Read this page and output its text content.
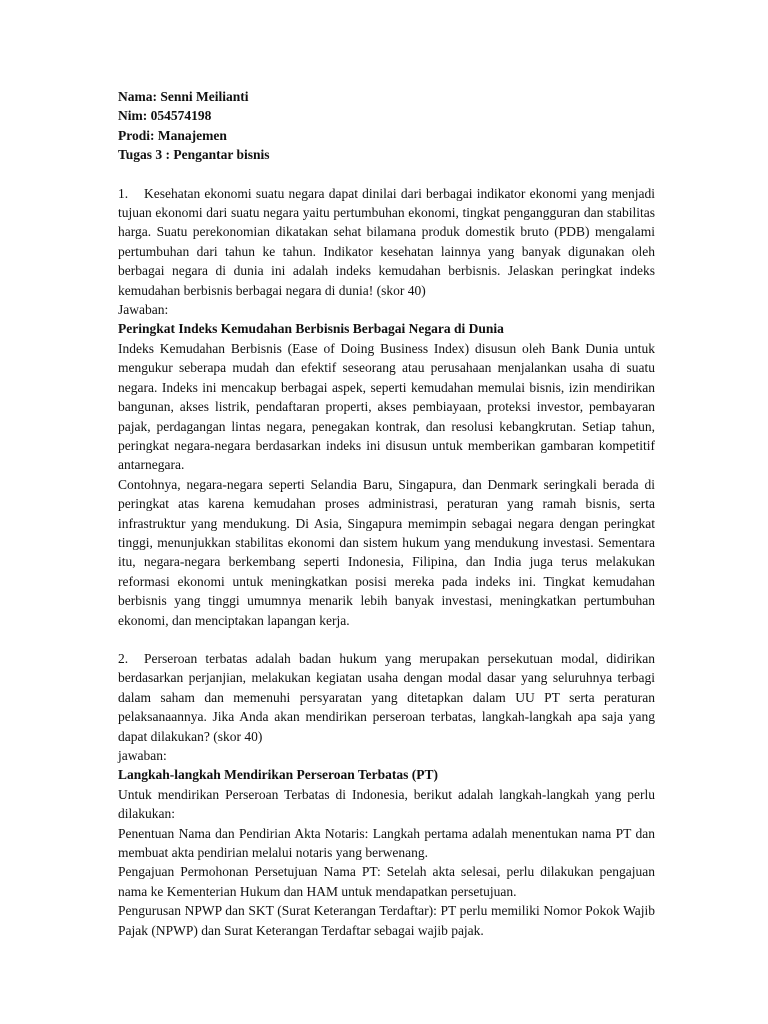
Nama: Senni Meilianti

Nim: 054574198

Prodi: Manajemen

Tugas 3 : Pengantar bisnis

1. Kesehatan ekonomi suatu negara dapat dinilai dari berbagai indikator ekonomi yang menjadi tujuan ekonomi dari suatu negara yaitu pertumbuhan ekonomi, tingkat pengangguran dan stabilitas harga. Suatu perekonomian dikatakan sehat bilamana produk domestik bruto (PDB) mengalami pertumbuhan dari tahun ke tahun. Indikator kesehatan lainnya yang banyak digunakan oleh berbagai negara di dunia ini adalah indeks kemudahan berbisnis. Jelaskan peringkat indeks kemudahan berbisnis berbagai negara di dunia! (skor 40)

Jawaban:

Peringkat Indeks Kemudahan Berbisnis Berbagai Negara di Dunia

Indeks Kemudahan Berbisnis (Ease of Doing Business Index) disusun oleh Bank Dunia untuk mengukur seberapa mudah dan efektif seseorang atau perusahaan menjalankan usaha di suatu negara. Indeks ini mencakup berbagai aspek, seperti kemudahan memulai bisnis, izin mendirikan bangunan, akses listrik, pendaftaran properti, akses pembiayaan, proteksi investor, pembayaran pajak, perdagangan lintas negara, penegakan kontrak, dan resolusi kebangkrutan. Setiap tahun, peringkat negara-negara berdasarkan indeks ini disusun untuk memberikan gambaran kompetitif antarnegara.

Contohnya, negara-negara seperti Selandia Baru, Singapura, dan Denmark seringkali berada di peringkat atas karena kemudahan proses administrasi, peraturan yang ramah bisnis, serta infrastruktur yang mendukung. Di Asia, Singapura memimpin sebagai negara dengan peringkat tinggi, menunjukkan stabilitas ekonomi dan sistem hukum yang mendukung investasi. Sementara itu, negara-negara berkembang seperti Indonesia, Filipina, dan India juga terus melakukan reformasi ekonomi untuk meningkatkan posisi mereka pada indeks ini. Tingkat kemudahan berbisnis yang tinggi umumnya menarik lebih banyak investasi, meningkatkan pertumbuhan ekonomi, dan menciptakan lapangan kerja.

2. Perseroan terbatas adalah badan hukum yang merupakan persekutuan modal, didirikan berdasarkan perjanjian, melakukan kegiatan usaha dengan modal dasar yang seluruhnya terbagi dalam saham dan memenuhi persyaratan yang ditetapkan dalam UU PT serta peraturan pelaksanaannya. Jika Anda akan mendirikan perseroan terbatas, langkah-langkah apa saja yang dapat dilakukan? (skor 40)

jawaban:

Langkah-langkah Mendirikan Perseroan Terbatas (PT)

Untuk mendirikan Perseroan Terbatas di Indonesia, berikut adalah langkah-langkah yang perlu dilakukan:

Penentuan Nama dan Pendirian Akta Notaris: Langkah pertama adalah menentukan nama PT dan membuat akta pendirian melalui notaris yang berwenang.

Pengajuan Permohonan Persetujuan Nama PT: Setelah akta selesai, perlu dilakukan pengajuan nama ke Kementerian Hukum dan HAM untuk mendapatkan persetujuan.

Pengurusan NPWP dan SKT (Surat Keterangan Terdaftar): PT perlu memiliki Nomor Pokok Wajib Pajak (NPWP) dan Surat Keterangan Terdaftar sebagai wajib pajak.
